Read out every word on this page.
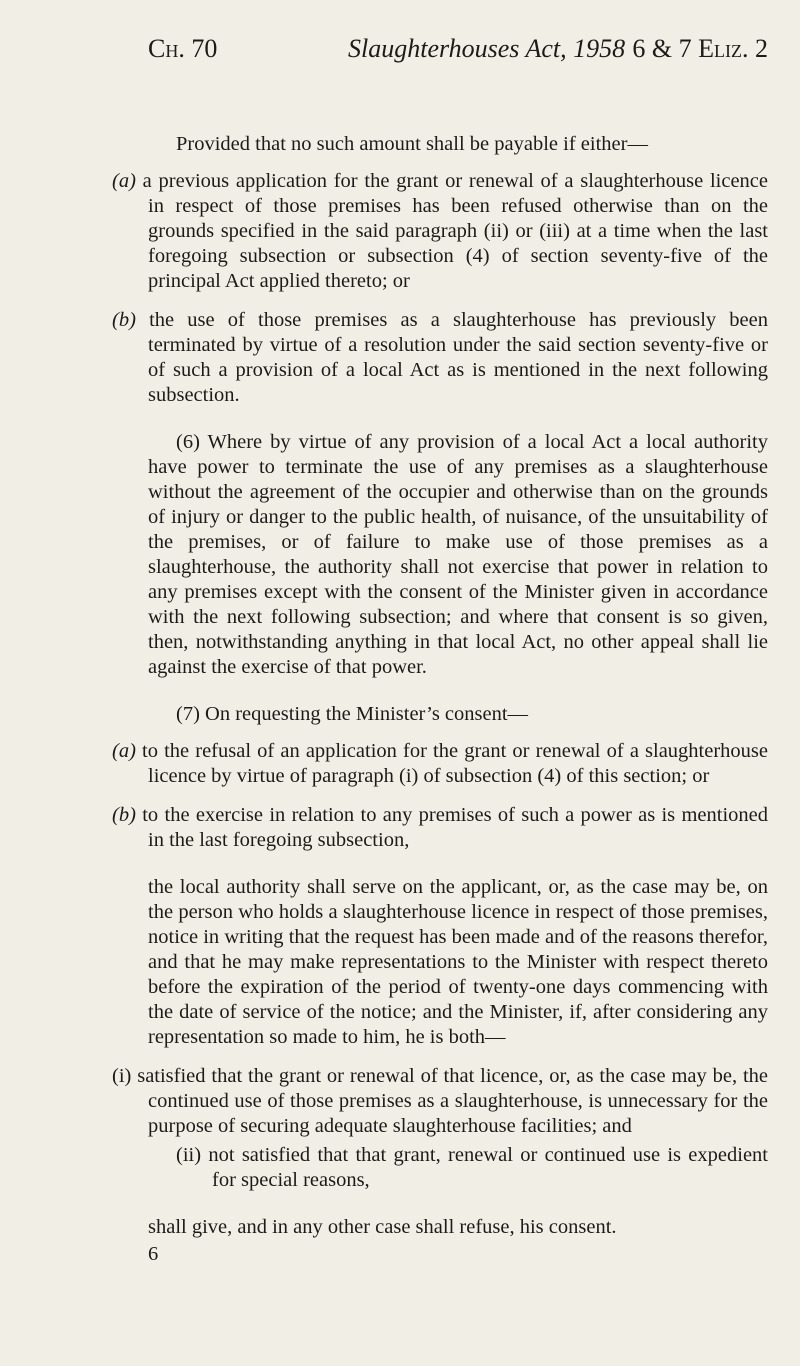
Ch. 70	Slaughterhouses Act, 1958 6 & 7 Eliz. 2

Provided that no such amount shall be payable if either—

(a) a previous application for the grant or renewal of a slaughterhouse licence in respect of those premises has been refused otherwise than on the grounds specified in the said paragraph (ii) or (iii) at a time when the last foregoing subsection or subsection (4) of section seventy-five of the principal Act applied thereto; or

(b) the use of those premises as a slaughterhouse has previously been terminated by virtue of a resolution under the said section seventy-five or of such a provision of a local Act as is mentioned in the next following subsection.

(6) Where by virtue of any provision of a local Act a local authority have power to terminate the use of any premises as a slaughterhouse without the agreement of the occupier and otherwise than on the grounds of injury or danger to the public health, of nuisance, of the unsuitability of the premises, or of failure to make use of those premises as a slaughterhouse, the authority shall not exercise that power in relation to any premises except with the consent of the Minister given in accordance with the next following subsection; and where that consent is so given, then, notwithstanding anything in that local Act, no other appeal shall lie against the exercise of that power.

(7) On requesting the Minister’s consent—

(a) to the refusal of an application for the grant or renewal of a slaughterhouse licence by virtue of paragraph (i) of subsection (4) of this section; or

(b) to the exercise in relation to any premises of such a power as is mentioned in the last foregoing subsection,

the local authority shall serve on the applicant, or, as the case may be, on the person who holds a slaughterhouse licence in respect of those premises, notice in writing that the request has been made and of the reasons therefor, and that he may make representations to the Minister with respect thereto before the expiration of the period of twenty-one days commencing with the date of service of the notice; and the Minister, if, after considering any representation so made to him, he is both—

(i) satisfied that the grant or renewal of that licence, or, as the case may be, the continued use of those premises as a slaughterhouse, is unnecessary for the purpose of securing adequate slaughterhouse facilities; and

(ii) not satisfied that that grant, renewal or continued use is expedient for special reasons,

shall give, and in any other case shall refuse, his consent.

6
